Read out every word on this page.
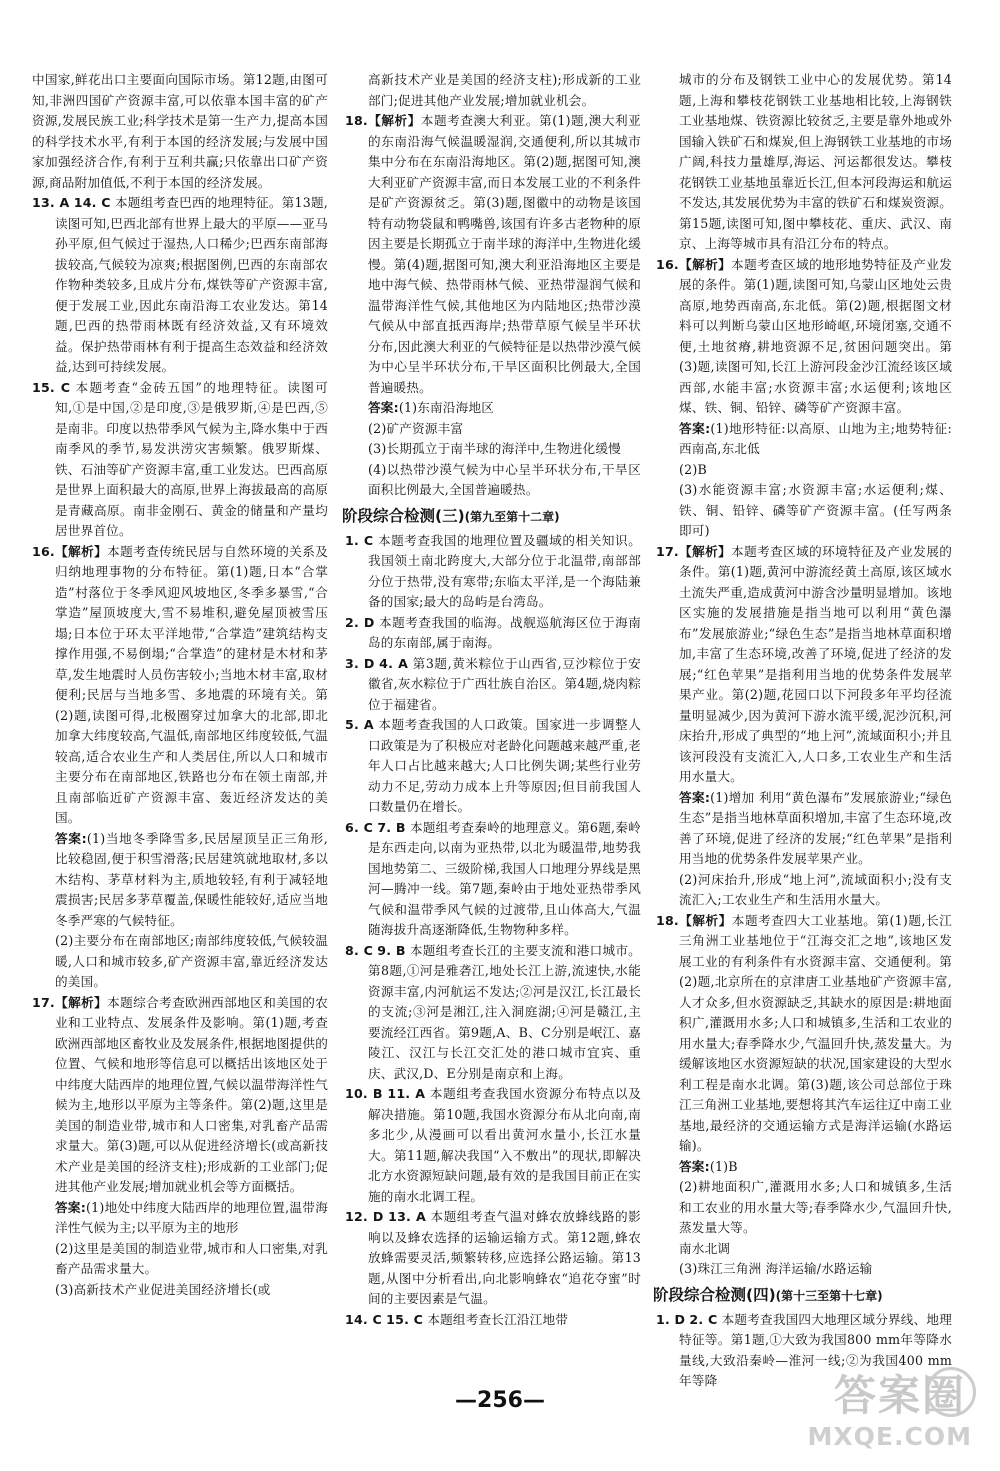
中国家,鲜花出口主要面向国际市场。第12题,由图可知,非洲四国矿产资源丰富,可以依靠本国丰富的矿产资源,发展民族工业;科学技术是第一生产力,提高本国的科学技术水平,有利于本国的经济发展;与发展中国家加强经济合作,有利于互利共赢;只依靠出口矿产资源,商品附加值低,不利于本国的经济发展。

13. A 14. C 本题组考查巴西的地理特征。第13题,读图可知,巴西北部有世界上最大的平原——亚马孙平原,但气候过于湿热,人口稀少;巴西东南部海拔较高,气候较为凉爽;根据图例,巴西的东南部农作物种类较多,且成片分布,煤铁等矿产资源丰富,便于发展工业,因此东南沿海工农业发达。第14题,巴西的热带雨林既有经济效益,又有环境效益。保护热带雨林有利于提高生态效益和经济效益,达到可持续发展。

15. C 本题考查“金砖五国”的地理特征。读图可知,①是中国,②是印度,③是俄罗斯,④是巴西,⑤是南非。印度以热带季风气候为主,降水集中于西南季风的季节,易发洪涝灾害频繁。俄罗斯煤、铁、石油等矿产资源丰富,重工业发达。巴西高原是世界上面积最大的高原,世界上海拔最高的高原是青藏高原。南非金刚石、黄金的储量和产量均居世界首位。

16.【解析】本题考查传统民居与自然环境的关系及归纳地理事物的分布特征。第(1)题,日本“合掌造”村落位于冬季风迎风坡地区,冬季多暴雪,“合掌造”屋顶坡度大,雪不易堆积,避免屋顶被雪压塌;日本位于环太平洋地带,“合掌造”建筑结构支撑作用强,不易倒塌;“合掌造”的建材是木材和茅草,发生地震时人员伤害较小;当地木材丰富,取材便利;民居与当地多雪、多地震的环境有关。第(2)题,读图可得,北极圈穿过加拿大的北部,即北加拿大纬度较高,气温低,南部地区纬度较低,气温较高,适合农业生产和人类居住,所以人口和城市主要分布在南部地区,铁路也分布在领土南部,并且南部临近矿产资源丰富、轰近经济发达的美国。

答案:(1)当地冬季降雪多,民居屋顶呈正三角形,比较稳固,便于积雪滑落;民居建筑就地取材,多以木结构、茅草材料为主,质地较轻,有利于减轻地震损害;民居多茅草覆盖,保暖性能较好,适应当地冬季严寒的气候特征。

(2)主要分布在南部地区;南部纬度较低,气候较温暖,人口和城市较多,矿产资源丰富,靠近经济发达的美国。

17.【解析】本题综合考查欧洲西部地区和美国的农业和工业特点、发展条件及影响。第(1)题,考查欧洲西部地区畜牧业及发展条件,根据地图提供的位置、气候和地形等信息可以概括出该地区处于中纬度大陆西岸的地理位置,气候以温带海洋性气候为主,地形以平原为主等条件。第(2)题,这里是美国的制造业带,城市和人口密集,对乳畜产品需求量大。第(3)题,可以从促进经济增长(或高新技术产业是美国的经济支柱);形成新的工业部门;促进其他产业发展;增加就业机会等方面概括。

答案:(1)地处中纬度大陆西岸的地理位置,温带海洋性气候为主;以平原为主的地形

(2)这里是美国的制造业带,城市和人口密集,对乳畜产品需求量大。

(3)高新技术产业促进美国经济增长(或

高新技术产业是美国的经济支柱);形成新的工业部门;促进其他产业发展;增加就业机会。

18.【解析】本题考查澳大利亚。第(1)题,澳大利亚的东南沿海气候温暖湿润,交通便利,所以其城市集中分布在东南沿海地区。第(2)题,据图可知,澳大利亚矿产资源丰富,而日本发展工业的不利条件是矿产资源贫乏。第(3)题,图徽中的动物是该国特有动物袋鼠和鸭嘴兽,该国有许多古老物种的原因主要是长期孤立于南半球的海洋中,生物进化缓慢。第(4)题,据图可知,澳大利亚沿海地区主要是地中海气候、热带雨林气候、亚热带湿润气候和温带海洋性气候,其他地区为内陆地区;热带沙漠气候从中部直抵西海岸;热带草原气候呈半环状分布,因此澳大利亚的气候特征是以热带沙漠气候为中心呈半环状分布,干旱区面积比例最大,全国普遍暖热。

答案:(1)东南沿海地区

(2)矿产资源丰富

(3)长期孤立于南半球的海洋中,生物进化缓慢

(4)以热带沙漠气候为中心呈半环状分布,干旱区面积比例最大,全国普遍暖热。

阶段综合检测(三)(第九至第十二章)

1. C 本题考查我国的地理位置及疆域的相关知识。我国领土南北跨度大,大部分位于北温带,南部部分位于热带,没有寒带;东临太平洋,是一个海陆兼备的国家;最大的岛屿是台湾岛。

2. D 本题考查我国的临海。战舰巡航海区位于海南岛的东南部,属于南海。

3. D 4. A 第3题,黄米粽位于山西省,豆沙粽位于安徽省,灰水粽位于广西壮族自治区。第4题,烧肉粽位于福建省。

5. A 本题考查我国的人口政策。国家进一步调整人口政策是为了积极应对老龄化问题越来越严重,老年人口占比越来越大;人口比例失调;某些行业劳动力不足,劳动力成本上升等原因;但目前我国人口数量仍在增长。

6. C 7. B 本题组考查秦岭的地理意义。第6题,秦岭是东西走向,以南为亚热带,以北为暖温带,地势我国地势第二、三级阶梯,我国人口地理分界线是黑河—腾冲一线。第7题,秦岭由于地处亚热带季风气候和温带季风气候的过渡带,且山体高大,气温随海拔升高逐渐降低,生物物种多样。

8. C 9. B 本题组考查长江的主要支流和港口城市。第8题,①河是雅砻江,地处长江上游,流速快,水能资源丰富,内河航运不发达;②河是汉江,长江最长的支流;③河是湘江,注入洞庭湖;④河是赣江,主要流经江西省。第9题,A、B、C分别是岷江、嘉陵江、汉江与长江交汇处的港口城市宜宾、重庆、武汉,D、E分别是南京和上海。

10. B 11. A 本题组考查我国水资源分布特点以及解决措施。第10题,我国水资源分布从北向南,南多北少,从漫画可以看出黄河水量小,长江水量大。第11题,解决我国“入不敷出”的现状,即解决北方水资源短缺问题,最有效的是我国目前正在实施的南水北调工程。

12. D 13. A 本题组考查气温对蜂农放蜂线路的影响以及蜂农选择的运输运输方式。第12题,蜂农放蜂需要灵活,频繁转移,应选择公路运输。第13题,从图中分析看出,向北影响蜂农“追花夺蜜”时间的主要因素是气温。

14. C 15. C 本题组考查长江沿江地带

城市的分布及钢铁工业中心的发展优势。第14题,上海和攀枝花钢铁工业基地相比较,上海钢铁工业基地煤、铁资源比较贫乏,主要是靠外地或外国输入铁矿石和煤炭,但上海钢铁工业基地的市场广阔,科技力量雄厚,海运、河运都很发达。攀枝花钢铁工业基地虽靠近长江,但本河段海运和航运不发达,其发展优势为丰富的铁矿石和煤炭资源。第15题,读图可知,图中攀枝花、重庆、武汉、南京、上海等城市具有沿江分布的特点。

16.【解析】本题考查区域的地形地势特征及产业发展的条件。第(1)题,读图可知,乌蒙山区地处云贵高原,地势西南高,东北低。第(2)题,根据图文材料可以判断乌蒙山区地形崎岖,环境闭塞,交通不便,土地贫瘠,耕地资源不足,贫困问题突出。第(3)题,读图可知,长江上游河段金沙江流经该区域西部,水能丰富;水资源丰富;水运便利;该地区煤、铁、铜、铅锌、磷等矿产资源丰富。

答案:(1)地形特征:以高原、山地为主;地势特征:西南高,东北低

(2)B

(3)水能资源丰富;水资源丰富;水运便利;煤、铁、铜、铅锌、磷等矿产资源丰富。(任写两条即可)

17.【解析】本题考查区域的环境特征及产业发展的条件。第(1)题,黄河中游流经黄土高原,该区域水土流失严重,造成黄河中游含沙量明显增加。该地区实施的发展措施是指当地可以利用“黄色瀑布”发展旅游业;“绿色生态”是指当地林草面积增加,丰富了生态环境,改善了环境,促进了经济的发展;“红色苹果”是指利用当地的优势条件发展苹果产业。第(2)题,花园口以下河段多年平均径流量明显减少,因为黄河下游水流平缓,泥沙沉积,河床抬升,形成了典型的“地上河”,流域面积小;并且该河段没有支流汇入,人口多,工农业生产和生活用水量大。

答案:(1)增加 利用“黄色瀑布”发展旅游业;“绿色生态”是指当地林草面积增加,丰富了生态环境,改善了环境,促进了经济的发展;“红色苹果”是指利用当地的优势条件发展苹果产业。

(2)河床抬升,形成“地上河”,流域面积小;没有支流汇入;工农业生产和生活用水量大。

18.【解析】本题考查四大工业基地。第(1)题,长江三角洲工业基地位于“江海交汇之地”,该地区发展工业的有利条件有水资源丰富、交通便利。第(2)题,北京所在的京津唐工业基地矿产资源丰富,人才众多,但水资源缺乏,其缺水的原因是:耕地面积广,灌溉用水多;人口和城镇多,生活和工农业的用水量大;春季降水少,气温回升快,蒸发量大。为缓解该地区水资源短缺的状况,国家建设的大型水利工程是南水北调。第(3)题,该公司总部位于珠江三角洲工业基地,要想将其汽车运往辽中南工业基地,最经济的交通运输方式是海洋运输(水路运输)。

答案:(1)B

(2)耕地面积广,灌溉用水多;人口和城镇多,生活和工农业的用水量大等;春季降水少,气温回升快,蒸发量大等。

南水北调

(3)珠江三角洲 海洋运输/水路运输

阶段综合检测(四)(第十三至第十七章)

1. D 2. C 本题考查我国四大地理区域分界线、地理特征等。第1题,①大致为我国800 mm年等降水量线,大致沿秦岭—淮河一线;②为我国400 mm年等降

—256—	答案圈
MXQE.COM
